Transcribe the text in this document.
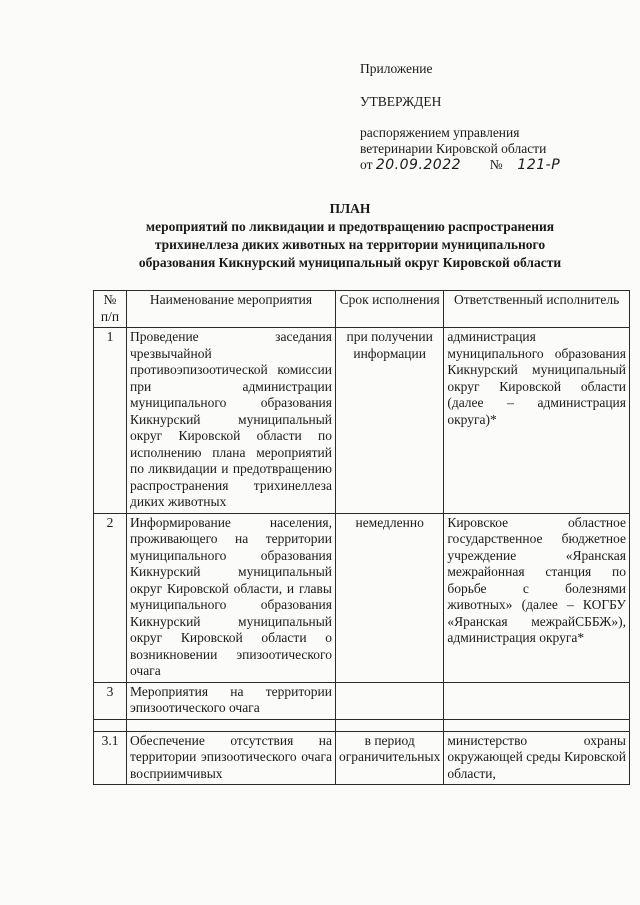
Приложение
УТВЕРЖДЕН
распоряжением управления
ветеринарии Кировской области
от 20.09.2022 № 121-Р
ПЛАН
мероприятий по ликвидации и предотвращению распространения
трихинеллеза диких животных на территории муниципального
образования Кикнурский муниципальный округ Кировской области
№ п/п	Наименование мероприятия	Срок исполнения	Ответственный исполнитель
1	Проведение заседания чрезвычайной противоэпизоотической комиссии при администрации муниципального образования Кикнурский муниципальный округ Кировской области по исполнению плана мероприятий по ликвидации и предотвращению распространения трихинеллеза диких животных	при получении информации	администрация муниципального образования Кикнурский муниципальный округ Кировской области (далее – администрация округа)*
2	Информирование населения, проживающего на территории муниципального образования Кикнурский муниципальный округ Кировской области, и главы муниципального образования Кикнурский муниципальный округ Кировской области о возникновении эпизоотического очага	немедленно	Кировское областное государственное бюджетное учреждение «Яранская межрайонная станция по борьбе с болезнями животных» (далее – КОГБУ «Яранская межрайСББЖ»), администрация округа*
3	Мероприятия на территории эпизоотического очага		

3.1	Обеспечение отсутствия на территории эпизоотического очага восприимчивых	в период ограничительных	министерство охраны окружающей среды Кировской области,
